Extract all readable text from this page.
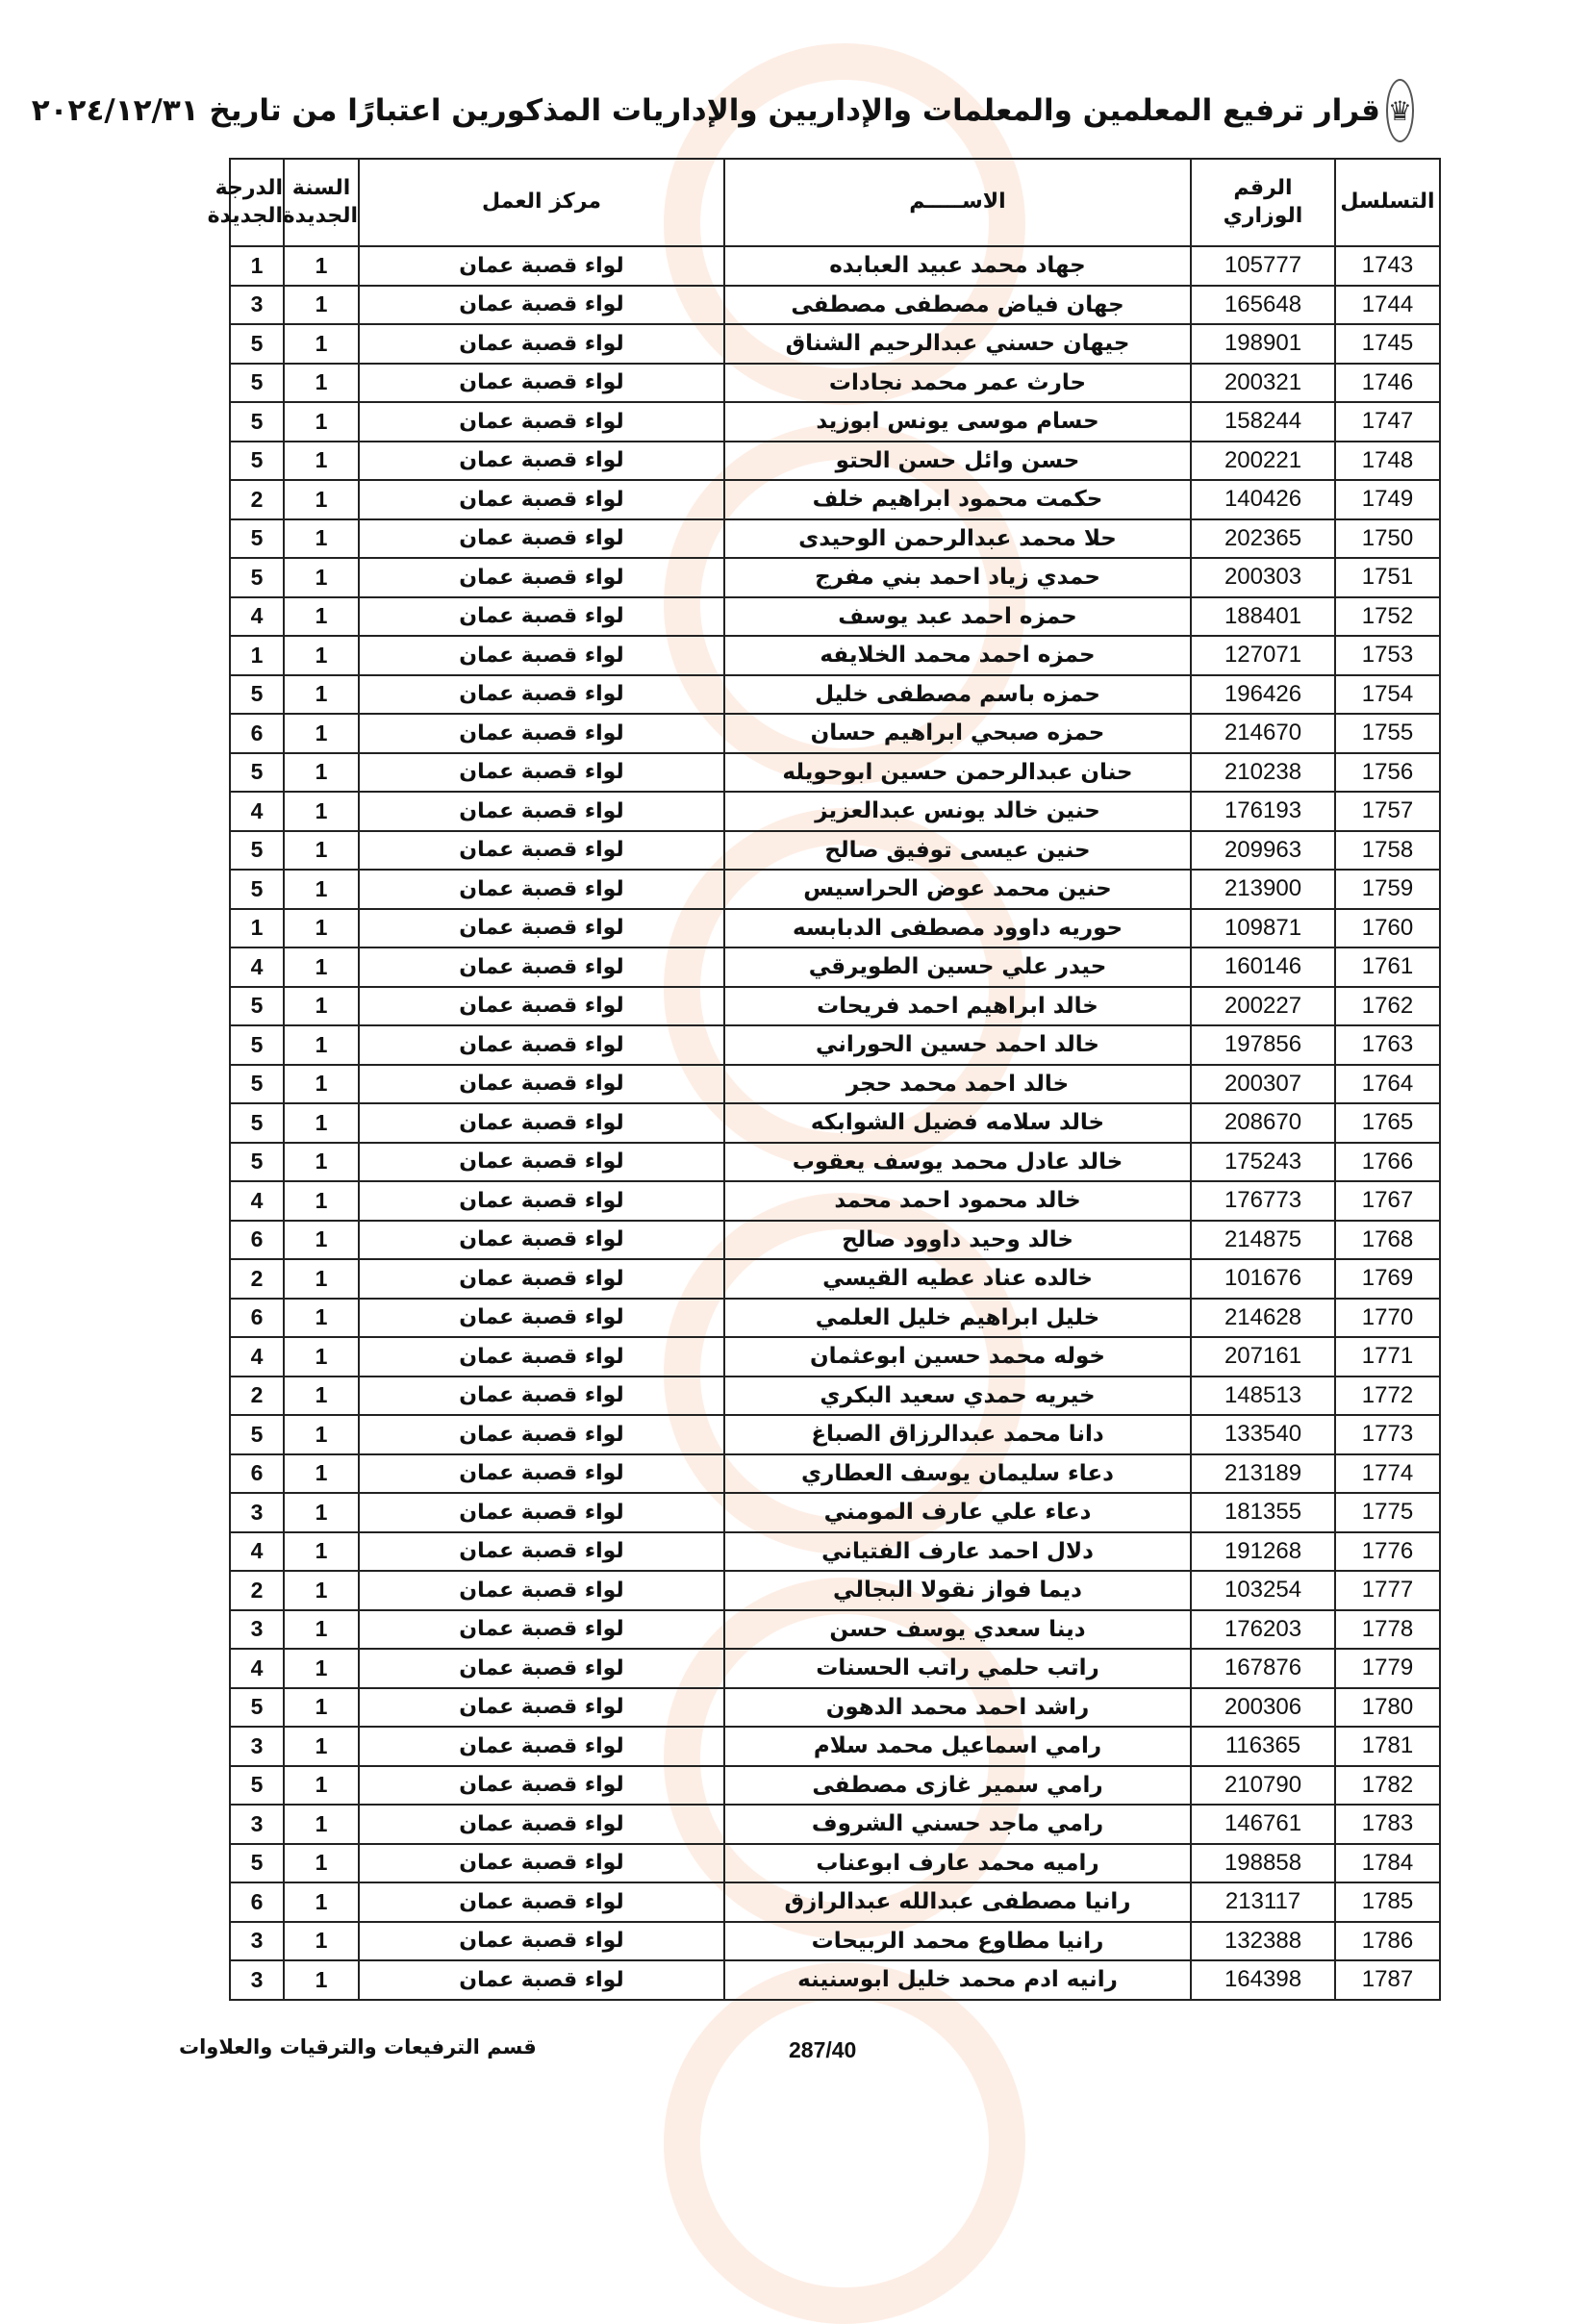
♛
قرار ترفيع المعلمين والمعلمات والإداريين والإداريات المذكورين اعتبارًا من تاريخ ٢٠٢٤/١٢/٣١
التسلسل	الرقم الوزاري	الاســـــم	مركز العمل	السنة الجديدة	الدرجة الجديدة
1743	105777	جهاد محمد عبيد العبابده	لواء قصبة عمان	1	1
1744	165648	جهان فياض مصطفى مصطفى	لواء قصبة عمان	1	3
1745	198901	جيهان حسني عبدالرحيم الشناق	لواء قصبة عمان	1	5
1746	200321	حارث عمر محمد نجادات	لواء قصبة عمان	1	5
1747	158244	حسام موسى يونس ابوزيد	لواء قصبة عمان	1	5
1748	200221	حسن وائل حسن الحتو	لواء قصبة عمان	1	5
1749	140426	حكمت محمود ابراهيم خلف	لواء قصبة عمان	1	2
1750	202365	حلا محمد عبدالرحمن الوحيدى	لواء قصبة عمان	1	5
1751	200303	حمدي زياد احمد بني مفرج	لواء قصبة عمان	1	5
1752	188401	حمزه احمد عبد يوسف	لواء قصبة عمان	1	4
1753	127071	حمزه احمد محمد الخلايفه	لواء قصبة عمان	1	1
1754	196426	حمزه باسم مصطفى خليل	لواء قصبة عمان	1	5
1755	214670	حمزه صبحي ابراهيم حسان	لواء قصبة عمان	1	6
1756	210238	حنان عبدالرحمن حسين ابوحويله	لواء قصبة عمان	1	5
1757	176193	حنين خالد يونس عبدالعزيز	لواء قصبة عمان	1	4
1758	209963	حنين عيسى توفيق صالح	لواء قصبة عمان	1	5
1759	213900	حنين محمد عوض الحراسيس	لواء قصبة عمان	1	5
1760	109871	حوريه داوود مصطفى الدبابسه	لواء قصبة عمان	1	1
1761	160146	حيدر علي حسين الطويرقي	لواء قصبة عمان	1	4
1762	200227	خالد ابراهيم احمد فريحات	لواء قصبة عمان	1	5
1763	197856	خالد احمد حسين الحوراني	لواء قصبة عمان	1	5
1764	200307	خالد احمد محمد حجر	لواء قصبة عمان	1	5
1765	208670	خالد سلامه فضيل الشوابكه	لواء قصبة عمان	1	5
1766	175243	خالد عادل محمد يوسف يعقوب	لواء قصبة عمان	1	5
1767	176773	خالد محمود احمد محمد	لواء قصبة عمان	1	4
1768	214875	خالد وحيد داوود صالح	لواء قصبة عمان	1	6
1769	101676	خالده عناد عطيه القيسي	لواء قصبة عمان	1	2
1770	214628	خليل ابراهيم خليل العلمي	لواء قصبة عمان	1	6
1771	207161	خوله محمد حسين ابوعثمان	لواء قصبة عمان	1	4
1772	148513	خيريه حمدي سعيد البكري	لواء قصبة عمان	1	2
1773	133540	دانا محمد عبدالرزاق الصباغ	لواء قصبة عمان	1	5
1774	213189	دعاء سليمان يوسف العطاري	لواء قصبة عمان	1	6
1775	181355	دعاء علي عارف المومني	لواء قصبة عمان	1	3
1776	191268	دلال احمد عارف الفتياني	لواء قصبة عمان	1	4
1777	103254	ديما فواز نقولا البجالي	لواء قصبة عمان	1	2
1778	176203	دينا سعدي يوسف حسن	لواء قصبة عمان	1	3
1779	167876	راتب حلمي راتب الحسنات	لواء قصبة عمان	1	4
1780	200306	راشد احمد محمد الدهون	لواء قصبة عمان	1	5
1781	116365	رامي اسماعيل محمد سلام	لواء قصبة عمان	1	3
1782	210790	رامي سمير غازى مصطفى	لواء قصبة عمان	1	5
1783	146761	رامي ماجد حسني الشروف	لواء قصبة عمان	1	3
1784	198858	راميه محمد عارف ابوعناب	لواء قصبة عمان	1	5
1785	213117	رانيا مصطفى عبدالله عبدالرازق	لواء قصبة عمان	1	6
1786	132388	رانيا مطاوع محمد الربيحات	لواء قصبة عمان	1	3
1787	164398	رانيه ادم محمد خليل ابوسنينه	لواء قصبة عمان	1	3
287/40
قسم الترفيعات والترقيات والعلاوات
